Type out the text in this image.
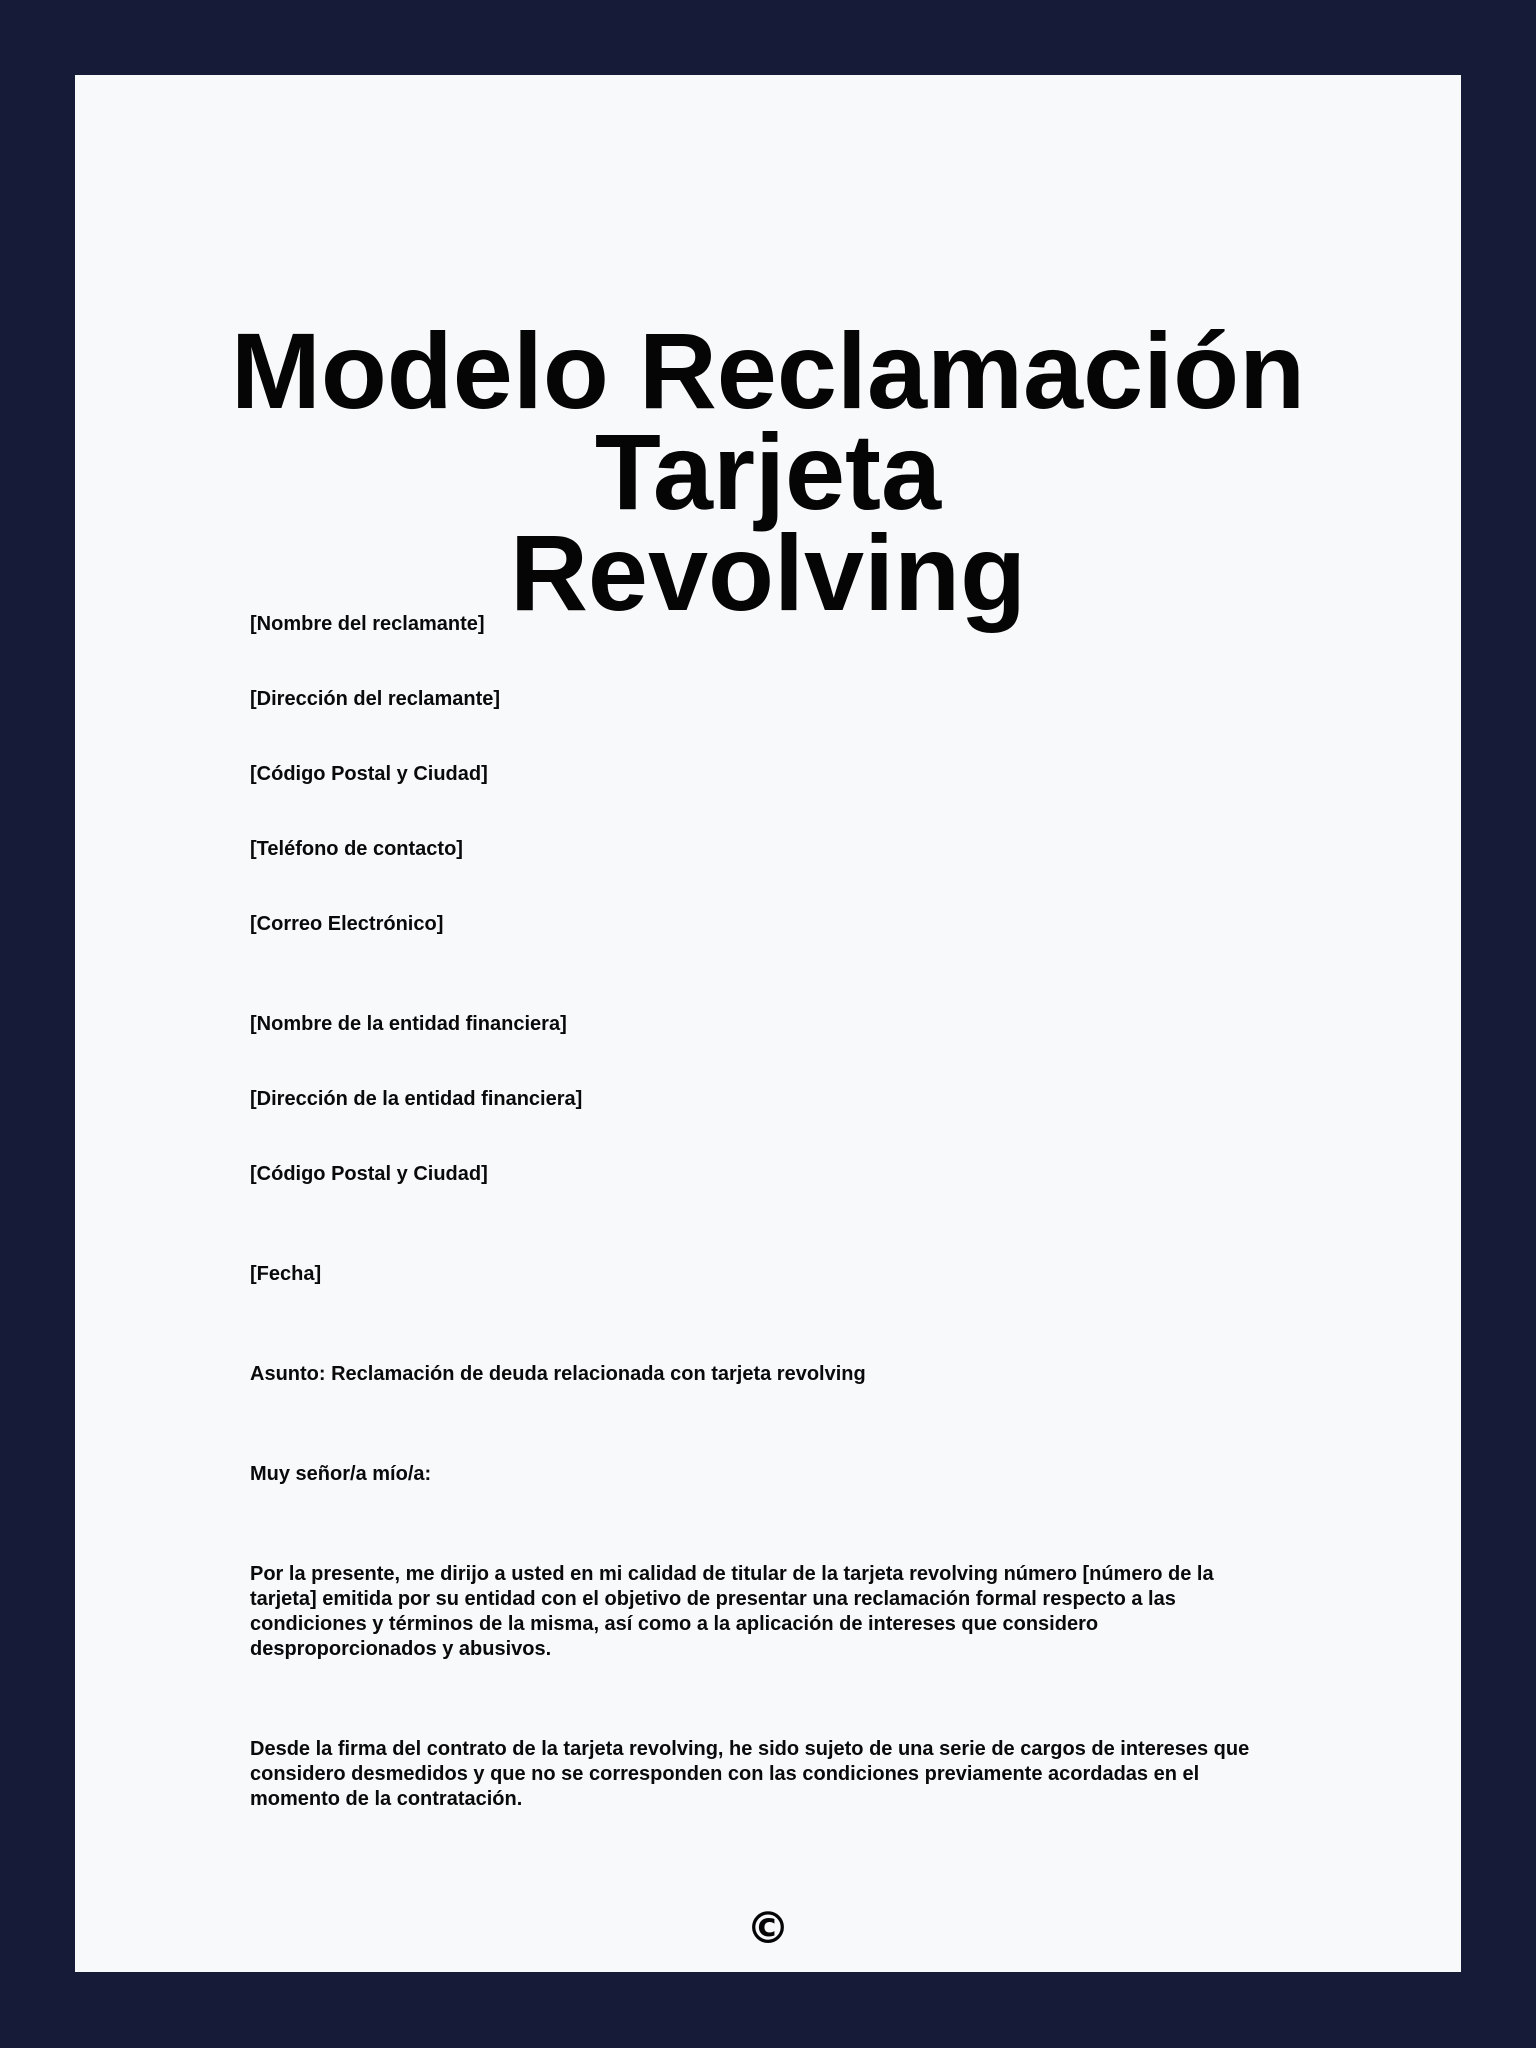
Modelo Reclamación Tarjeta
Revolving
[Nombre del reclamante]
[Dirección del reclamante]
[Código Postal y Ciudad]
[Teléfono de contacto]
[Correo Electrónico]
[Nombre de la entidad financiera]
[Dirección de la entidad financiera]
[Código Postal y Ciudad]
[Fecha]
Asunto: Reclamación de deuda relacionada con tarjeta revolving
Muy señor/a mío/a:
Por la presente, me dirijo a usted en mi calidad de titular de la tarjeta revolving número [número de la
tarjeta] emitida por su entidad con el objetivo de presentar una reclamación formal respecto a las
condiciones y términos de la misma, así como a la aplicación de intereses que considero
desproporcionados y abusivos.
Desde la firma del contrato de la tarjeta revolving, he sido sujeto de una serie de cargos de intereses que
considero desmedidos y que no se corresponden con las condiciones previamente acordadas en el
momento de la contratación.
©
